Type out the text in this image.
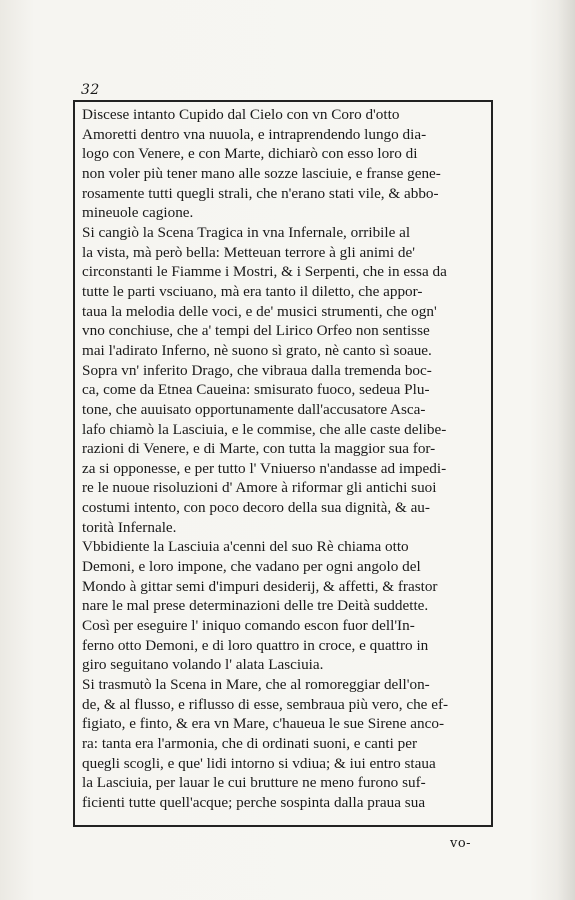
32
Discese intanto Cupido dal Cielo con vn Coro d'otto
Amoretti dentro vna nuuola, e intraprendendo lungo dia-
logo con Venere, e con Marte, dichiarò con esso loro di
non voler più tener mano alle sozze lasciuie, e franse gene-
rosamente tutti quegli strali, che n'erano stati vile, & abbo-
mineuole cagione.
Si cangiò la Scena Tragica in vna Infernale, orribile al
la vista, mà però bella: Metteuan terrore à gli animi de'
circonstanti le Fiamme i Mostri, & i Serpenti, che in essa da
tutte le parti vsciuano, mà era tanto il diletto, che appor-
taua la melodia delle voci, e de' musici strumenti, che ogn'
vno conchiuse, che a' tempi del Lirico Orfeo non sentisse
mai l'adirato Inferno, nè suono sì grato, nè canto sì soaue.
Sopra vn' inferito Drago, che vibraua dalla tremenda boc-
ca, come da Etnea Caueina: smisurato fuoco, sedeua Plu-
tone, che auuisato opportunamente dall'accusatore Asca-
lafo chiamò la Lasciuia, e le commise, che alle caste delibe-
razioni di Venere, e di Marte, con tutta la maggior sua for-
za si opponesse, e per tutto l' Vniuerso n'andasse ad impedi-
re le nuoue risoluzioni d' Amore à riformar gli antichi suoi
costumi intento, con poco decoro della sua dignità, & au-
torità Infernale.
Vbbidiente la Lasciuia a'cenni del suo Rè chiama otto
Demoni, e loro impone, che vadano per ogni angolo del
Mondo à gittar semi d'impuri desiderij, & affetti, & frastor
nare le mal prese determinazioni delle tre Deità suddette.
Così per eseguire l' iniquo comando escon fuor dell'In-
ferno otto Demoni, e di loro quattro in croce, e quattro in
giro seguitano volando l' alata Lasciuia.
Si trasmutò la Scena in Mare, che al romoreggiar dell'on-
de, & al flusso, e riflusso di esse, sembraua più vero, che ef-
figiato, e finto, & era vn Mare, c'haueua le sue Sirene anco-
ra: tanta era l'armonia, che di ordinati suoni, e canti per
quegli scogli, e que' lidi intorno si vdiua; & iui entro staua
la Lasciuia, per lauar le cui brutture ne meno furono suf-
ficienti tutte quell'acque; perche sospinta dalla praua sua
vo-
